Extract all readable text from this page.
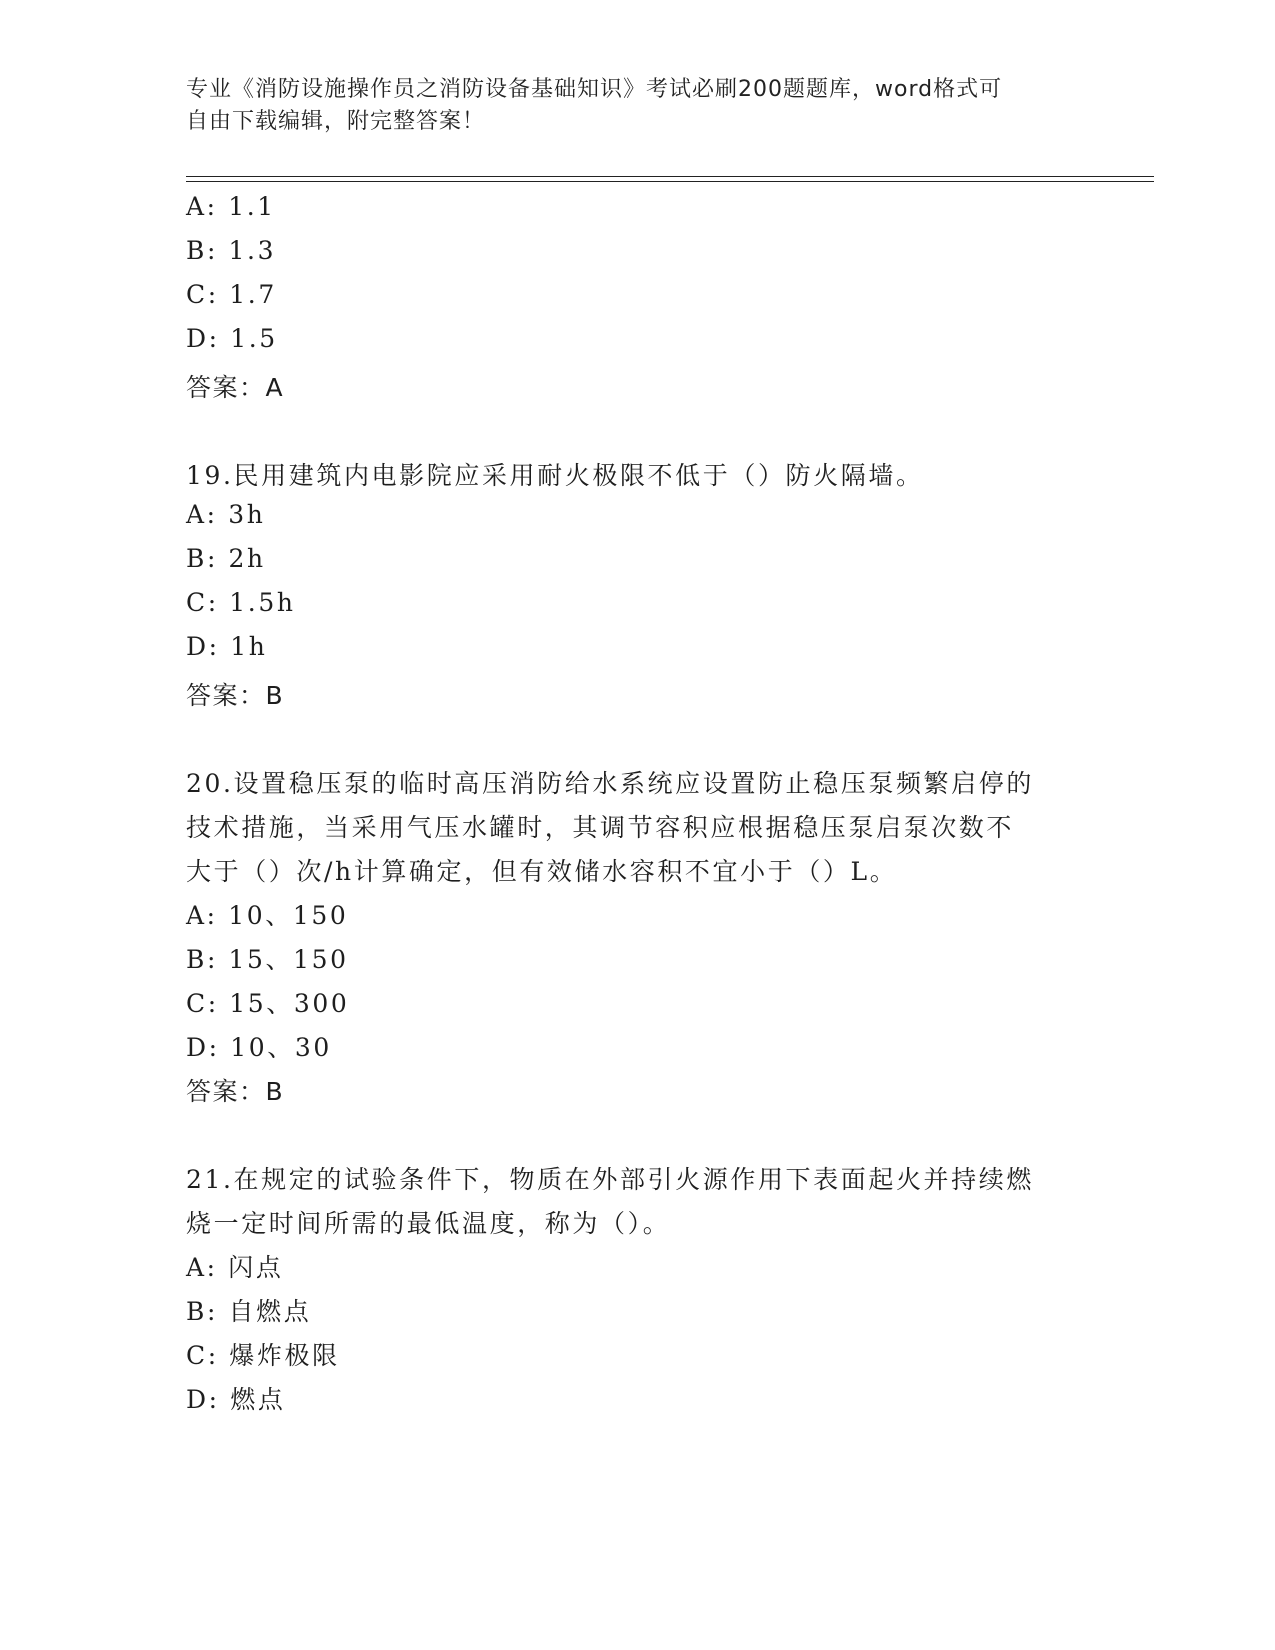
专业《消防设施操作员之消防设备基础知识》考试必刷200题题库，word格式可
自由下载编辑，附完整答案！
A: 1.1
B: 1.3
C: 1.7
D: 1.5
答案：A
19.民用建筑内电影院应采用耐火极限不低于（）防火隔墙。
A: 3h
B: 2h
C: 1.5h
D: 1h
答案：B
20.设置稳压泵的临时高压消防给水系统应设置防止稳压泵频繁启停的
技术措施，当采用气压水罐时，其调节容积应根据稳压泵启泵次数不
大于（）次/h计算确定，但有效储水容积不宜小于（）L。
A: 10、150
B: 15、150
C: 15、300
D: 10、30
答案：B
21.在规定的试验条件下，物质在外部引火源作用下表面起火并持续燃
烧一定时间所需的最低温度，称为（）。
A: 闪点
B: 自燃点
C: 爆炸极限
D: 燃点
